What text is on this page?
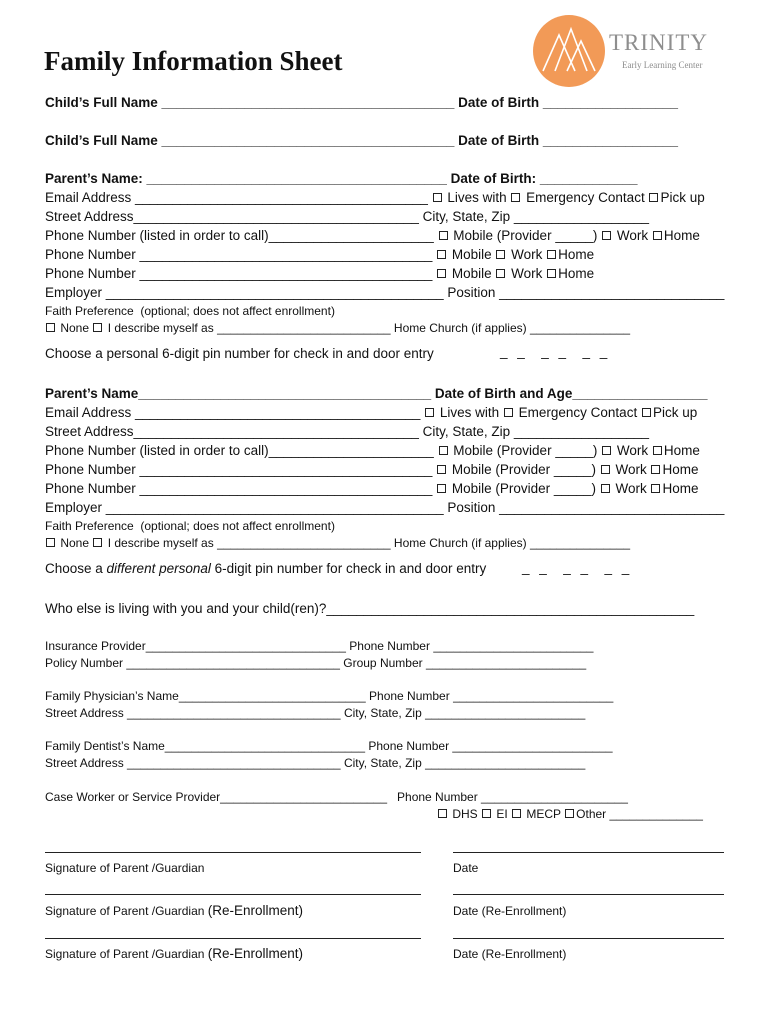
Family Information Sheet
TRINITY
Early Learning Center
Child’s Full Name _______________________________________ Date of Birth __________________
Child’s Full Name _______________________________________ Date of Birth __________________
Parent’s Name: ________________________________________ Date of Birth: _____________
Email Address _______________________________________  Lives with  Emergency Contact Pick up
Street Address______________________________________ City, State, Zip __________________
Phone Number (listed in order to call)______________________  Mobile (Provider _____)  Work Home
Phone Number _______________________________________  Mobile  Work Home
Phone Number _______________________________________  Mobile  Work Home
Employer _____________________________________________ Position ______________________________
Faith Preference  (optional; does not affect enrollment)
None  I describe myself as __________________________ Home Church (if applies) _______________
Choose a personal 6-digit pin number for check in and door entry	_ _  _ _  _ _
Parent’s Name_______________________________________ Date of Birth and Age__________________
Email Address ______________________________________  Lives with  Emergency Contact Pick up
Street Address______________________________________ City, State, Zip __________________
Phone Number (listed in order to call)______________________  Mobile (Provider _____)  Work Home
Phone Number _______________________________________  Mobile (Provider _____)  Work Home
Phone Number _______________________________________  Mobile (Provider _____)  Work Home
Employer _____________________________________________ Position ______________________________
Faith Preference  (optional; does not affect enrollment)
None  I describe myself as __________________________ Home Church (if applies) _______________
Choose a different personal 6-digit pin number for check in and door entry	_ _  _ _  _ _
Who else is living with you and your child(ren)?_________________________________________________
Insurance Provider______________________________ Phone Number ________________________
Policy Number ________________________________ Group Number ________________________
Family Physician’s Name____________________________ Phone Number ________________________
Street Address ________________________________ City, State, Zip ________________________
Family Dentist’s Name______________________________ Phone Number ________________________
Street Address ________________________________ City, State, Zip ________________________
Case Worker or Service Provider_________________________   Phone Number ______________________
DHS  EI  MECP Other ______________
Signature of Parent /Guardian	Date
Signature of Parent /Guardian (Re-Enrollment)	Date (Re-Enrollment)
Signature of Parent /Guardian (Re-Enrollment)	Date (Re-Enrollment)
